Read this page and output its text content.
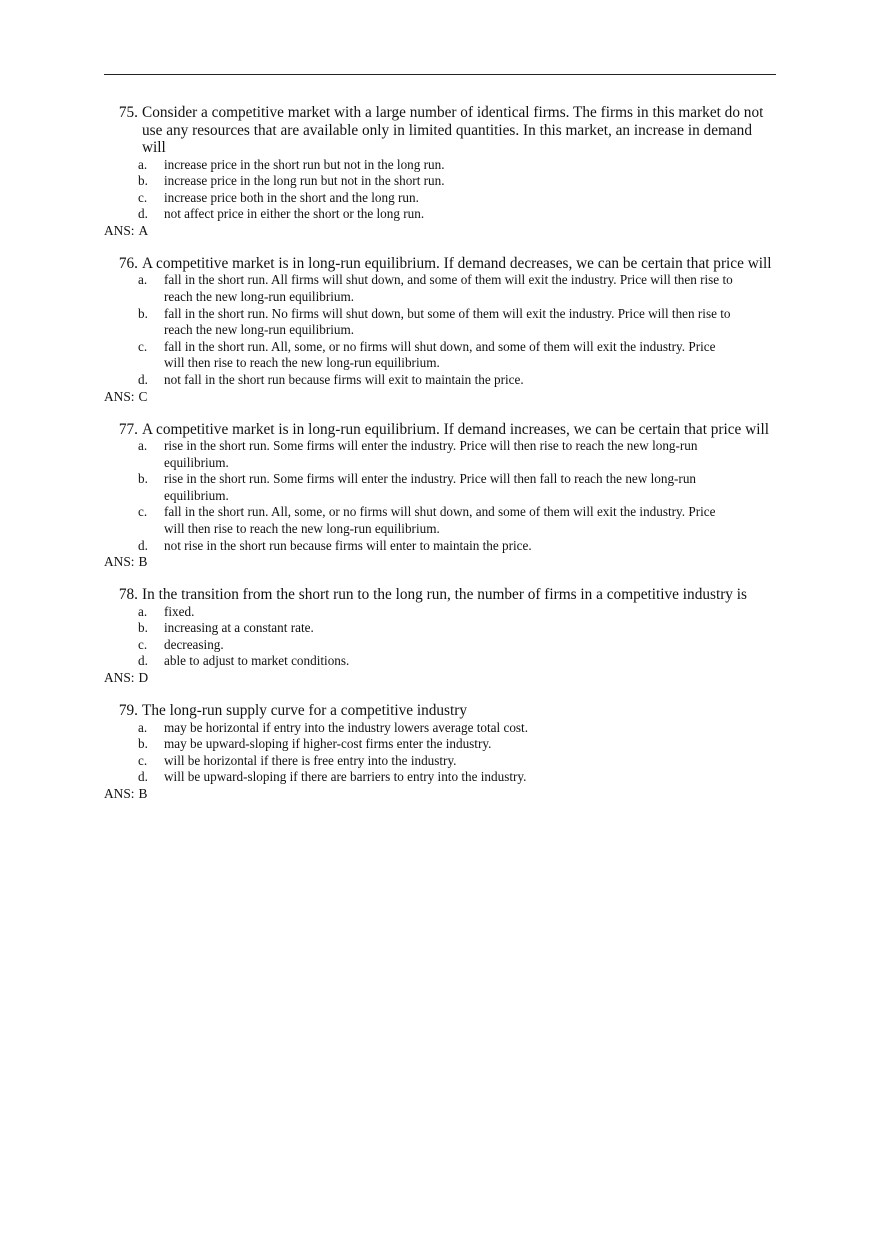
75. Consider a competitive market with a large number of identical firms. The firms in this market do not use any resources that are available only in limited quantities. In this market, an increase in demand will
a.	increase price in the short run but not in the long run.
b.	increase price in the long run but not in the short run.
c.	increase price both in the short and the long run.
d.	not affect price in either the short or the long run.
ANS: A
76. A competitive market is in long-run equilibrium. If demand decreases, we can be certain that price will
a.	fall in the short run. All firms will shut down, and some of them will exit the industry. Price will then rise to reach the new long-run equilibrium.
b.	fall in the short run. No firms will shut down, but some of them will exit the industry. Price will then rise to reach the new long-run equilibrium.
c.	fall in the short run. All, some, or no firms will shut down, and some of them will exit the industry. Price will then rise to reach the new long-run equilibrium.
d.	not fall in the short run because firms will exit to maintain the price.
ANS: C
77. A competitive market is in long-run equilibrium. If demand increases, we can be certain that price will
a.	rise in the short run. Some firms will enter the industry. Price will then rise to reach the new long-run equilibrium.
b.	rise in the short run. Some firms will enter the industry. Price will then fall to reach the new long-run equilibrium.
c.	fall in the short run. All, some, or no firms will shut down, and some of them will exit the industry. Price will then rise to reach the new long-run equilibrium.
d.	not rise in the short run because firms will enter to maintain the price.
ANS: B
78. In the transition from the short run to the long run, the number of firms in a competitive industry is
a.	fixed.
b.	increasing at a constant rate.
c.	decreasing.
d.	able to adjust to market conditions.
ANS: D
79. The long-run supply curve for a competitive industry
a.	may be horizontal if entry into the industry lowers average total cost.
b.	may be upward-sloping if higher-cost firms enter the industry.
c.	will be horizontal if there is free entry into the industry.
d.	will be upward-sloping if there are barriers to entry into the industry.
ANS: B
